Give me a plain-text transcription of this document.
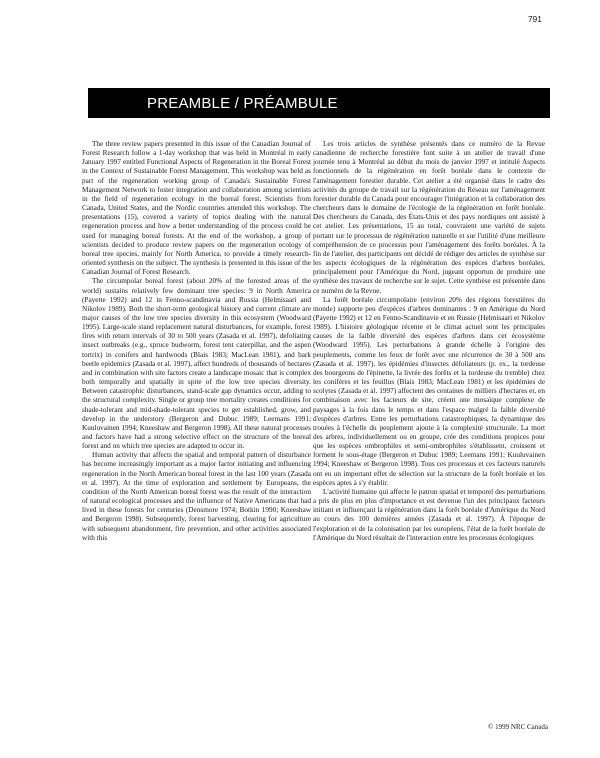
791
PREAMBLE / PRÉAMBULE

The three review papers presented in this issue of the Canadian Journal of Forest Research follow a 1-day workshop that was held in Montréal in early January 1997 entitled Functional Aspects of Regeneration in the Boreal Forest in the Context of Sustainable Forest Management. This workshop was held as part of the regeneration working group of Canada's Sustainable Forest Management Network to foster integration and collaboration among scientists in the field of regeneration ecology in the boreal forest. Scientists from Canada, United States, and the Nordic countries attended this workshop. The presentations (15), covered a variety of topics dealing with the natural regeneration process and how a better understanding of the process could be used for managing boreal forests. At the end of the workshop, a group of scientists decided to produce review papers on the regeneration ecology of boreal tree species, mainly for North America, to provide a timely research-oriented synthesis on the subject. The synthesis is presented in this issue of the Canadian Journal of Forest Research.

The circumpolar boreal forest (about 20% of the forested areas of the world) sustains relatively few dominant tree species: 9 in North America (Payette 1992) and 12 in Fenno-scandinavia and Russia (Helmisaari and Nikolov 1989). Both the short-term geological history and current climate are major causes of the low tree species diversity in this ecosystem (Woodward 1995). Large-scale stand replacement natural disturbances, for example, forest fires with return intervals of 30 to 500 years (Zasada et al. 1997), defoliating insect outbreaks (e.g., spruce budworm, forest tent caterpillar, and the aspen tortrix) in conifers and hardwoods (Blais 1983; MacLean 1981), and bark beetle epidemics (Zasada et al. 1997), affect hundreds of thousands of hectares and in combination with site factors create a landscape mosaic that is complex both temporally and spatially in spite of the low tree species diversity. Between catastrophic disturbances, stand-scale gap dynamics occur, adding to the structural complexity. Single or group tree mortality creates conditions for shade-tolerant and mid-shade-tolerant species to get established, grow, and develop in the understory (Bergeron and Dubuc 1989; Leemans 1991; Kuuluvainen 1994; Kneeshaw and Bergeron 1998). All these natural processes and factors have had a strong selective effect on the structure of the boreal forest and on which tree species are adapted to occur in.

Human activity that affects the spatial and temporal pattern of disturbance has become increasingly important as a major factor initiating and influencing regeneration in the North American boreal forest in the last 100 years (Zasada et al. 1997). At the time of exploration and settlement by Europeans, the condition of the North American boreal forest was the result of the interaction of natural ecological processes and the influence of Native Americans that had lived in these forests for centuries (Densmore 1974; Botkin 1990; Kneeshaw and Bergeron 1998). Subsequently, forest harvesting, clearing for agriculture with subsequent abandonment, fire prevention, and other activities associated with this

Les trois articles de synthèse présentés dans ce numéro de la Revue canadienne de recherche forestière font suite à un atelier de travail d'une journée tenu à Montréal au début du mois de janvier 1997 et intitulé Aspects fonctionnels de la régénération en forêt boréale dans le contexte de l'aménagement forestier durable. Cet atelier a été organisé dans le cadre des activités du groupe de travail sur la régénération du Réseau sur l'aménagement forestier durable du Canada pour encourager l'intégration et la collaboration des chercheurs dans le domaine de l'écologie de la régénération en forêt boréale. Des chercheurs du Canada, des États-Unis et des pays nordiques ont assisté à cet atelier. Les présentations, 15 au total, couvraient une variété de sujets portant sur le processus de régénération naturelle et sur l'utilité d'une meilleure compréhension de ce processus pour l'aménagement des forêts boréales. À la fin de l'atelier, des participants ont décidé de rédiger des articles de synthèse sur les aspects écologiques de la régénération des espèces d'arbres boréales, principalement pour l'Amérique du Nord, jugeant opportun de produire une synthèse des travaux de recherche sur le sujet. Cette synthèse est présentée dans ce numéro de la Revue.

La forêt boréale circumpolaire (environ 20% des régions forestières du monde) supporte peu d'espèces d'arbres dominantes : 9 en Amérique du Nord (Payette 1992) et 12 en Fenno-Scandinavie et en Russie (Helmisaari et Nikolov 1989). L'histoire géologique récente et le climat actuel sont les principales causes de la faible diversité des espèces d'arbres dans cet écosystème (Woodward 1995). Les perturbations à grande échelle à l'origine des peuplements, comme les feux de forêt avec une récurrence de 30 à 500 ans (Zasada et al. 1997), les épidémies d'insectes défoliateurs (p. ex., la tordeuse des bourgeons de l'épinette, la livrée des forêts et la tordeuse du tremble) chez les conifères et les feuillus (Blais 1983; MacLean 1981) et les épidémies de scolytes (Zasada et al. 1997) affectent des centaines de milliers d'hectares et, en combinaison avec les facteurs de site, créent une mosaïque complexe de paysages à la fois dans le temps et dans l'espace malgré la faible diversité d'espèces d'arbres. Entre les perturbations catastrophiques, la dynamique des trouées à l'échelle du peuplement ajoute à la complexité structurale. La mort des arbres, individuellement ou en groupe, crée des conditions propices pour que les espèces ombrophiles et semi-ombrophiles s'établissent, croissent et forment le sous-étage (Bergeron et Dubuc 1989; Leemans 1991; Kuuluvainen 1994; Kneeshaw et Bergeron 1998). Tous ces processus et ces facteurs naturels ont eu un important effet de sélection sur la structure de la forêt boréale et les espèces aptes à s'y établir.

L'activité humaine qui affecte le patron spatial et temporel des perturbations a pris de plus en plus d'importance et est devenue l'un des principaux facteurs initiant et influençant la régénération dans la forêt boréale d'Amérique du Nord au cours des 100 dernières années (Zasada et al. 1997). À l'époque de l'exploration et de la colonisation par les européens, l'état de la forêt boréale de l'Amérique du Nord résultait de l'interaction entre les processus écologiques

© 1999 NRC Canada
